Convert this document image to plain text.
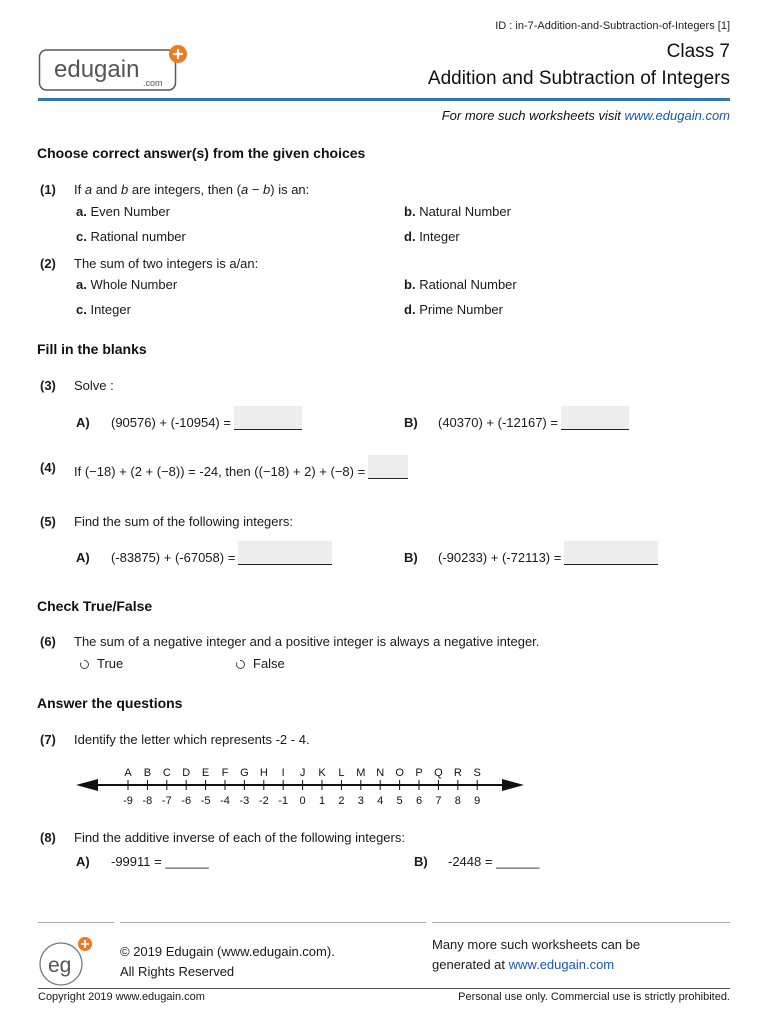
ID : in-7-Addition-and-Subtraction-of-Integers [1]
edugain .com
Class 7
Addition and Subtraction of Integers
For more such worksheets visit www.edugain.com
Choose correct answer(s) from the given choices
(1) If a and b are integers, then (a − b) is an:
a. Even Number	b. Natural Number
c. Rational number	d. Integer
(2) The sum of two integers is a/an:
a. Whole Number	b. Rational Number
c. Integer	d. Prime Number
Fill in the blanks
(3) Solve :
A) (90576) + (-10954) =	B) (40370) + (-12167) =
(4) If (−18) + (2 + (−8)) = -24, then ((−18) + 2) + (−8) =
(5) Find the sum of the following integers:
A) (-83875) + (-67058) =	B) (-90233) + (-72113) =
Check True/False
(6) The sum of a negative integer and a positive integer is always a negative integer.
True	False
Answer the questions
(7) Identify the letter which represents -2 - 4.
A
-9
B
-8
C
-7
D
-6
E
-5
F
-4
G
-3
H
-2
I
-1
J
0
K
1
L
2
M
3
N
4
O
5
P
6
Q
7
R
8
S
9
(8) Find the additive inverse of each of the following integers:
A) -99911 = ______	B) -2448 = ______
eg
© 2019 Edugain (www.edugain.com).
All Rights Reserved
Many more such worksheets can be
generated at www.edugain.com
Copyright 2019 www.edugain.com	Personal use only. Commercial use is strictly prohibited.
